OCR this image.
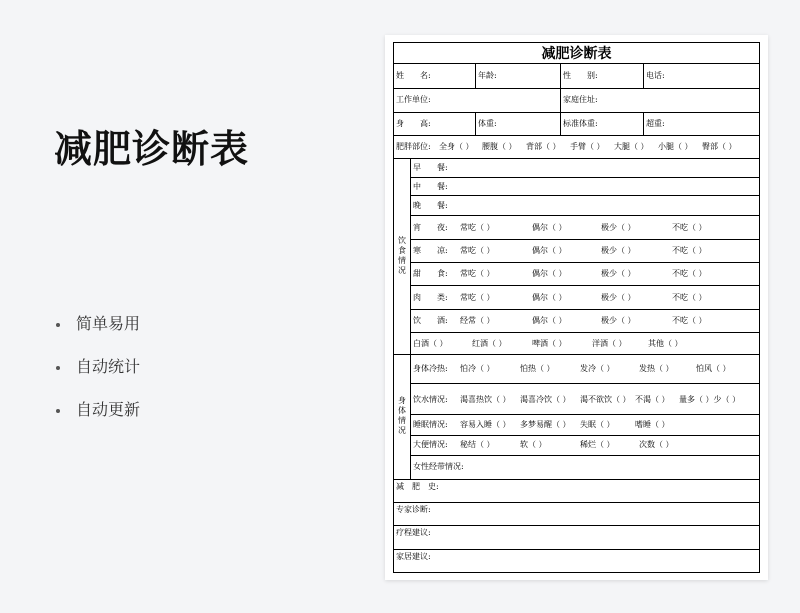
减肥诊断表
简单易用
自动统计
自动更新
减肥诊断表
姓　　名:	年龄:	性　　别:	电话:
工作单位:	家庭住址:
身　　高:	体重:	标准体重:	超重:
肥胖部位: 全身（ ） 腰腹（ ） 背部（ ） 手臂（ ） 大腿（ ） 小腿（ ） 臀部（ ）
饮
食
情
况
早　　餐:
中　　餐:
晚　　餐:
宵　　夜: 常吃（ ）	偶尔（ ）	极少（ ）	不吃（ ）
寒　　凉: 常吃（ ）	偶尔（ ）	极少（ ）	不吃（ ）
甜　　食: 常吃（ ）	偶尔（ ）	极少（ ）	不吃（ ）
肉　　类: 常吃（ ）	偶尔（ ）	极少（ ）	不吃（ ）
饮　　酒: 经常（ ）	偶尔（ ）	极少（ ）	不吃（ ）
白酒（ ）	红酒（ ）	啤酒（ ）	洋酒（ ）	其他（ ）
身
体
情
况
身体冷热: 怕冷（ ）	怕热（ ）	发冷（ ）	发热（ ）	怕风（ ）
饮水情况: 渴喜热饮（ ） 渴喜冷饮（ ） 渴不欲饮（ ） 不渴（ ） 量多（ ）少（ ）
睡眠情况: 容易入睡（ ） 多梦易醒（ ） 失眠（ ）	嗜睡（ ）
大便情况: 秘结（ ）	软（ ）	稀烂（ ）	次数（ ）
女性经带情况:
减　肥　史:
专家诊断:
疗程建议:
家居建议:
